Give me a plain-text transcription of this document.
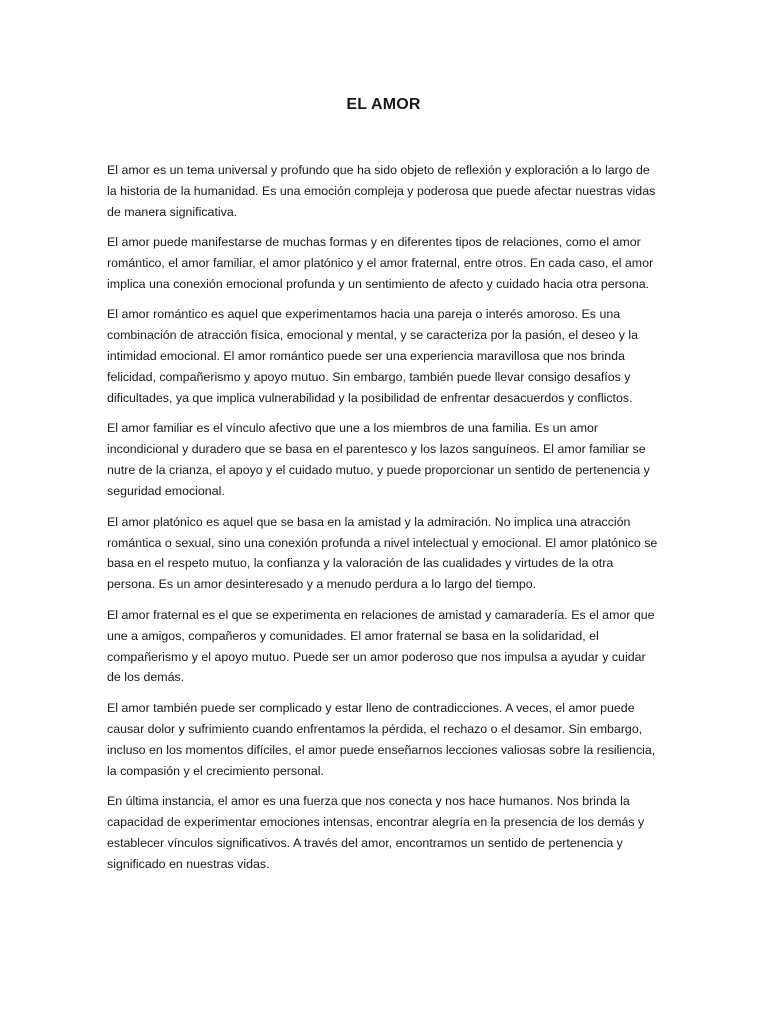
EL AMOR

El amor es un tema universal y profundo que ha sido objeto de reflexión y exploración a lo largo de la historia de la humanidad. Es una emoción compleja y poderosa que puede afectar nuestras vidas de manera significativa.

El amor puede manifestarse de muchas formas y en diferentes tipos de relaciones, como el amor romántico, el amor familiar, el amor platónico y el amor fraternal, entre otros. En cada caso, el amor implica una conexión emocional profunda y un sentimiento de afecto y cuidado hacia otra persona.

El amor romántico es aquel que experimentamos hacia una pareja o interés amoroso. Es una combinación de atracción física, emocional y mental, y se caracteriza por la pasión, el deseo y la intimidad emocional. El amor romántico puede ser una experiencia maravillosa que nos brinda felicidad, compañerismo y apoyo mutuo. Sin embargo, también puede llevar consigo desafíos y dificultades, ya que implica vulnerabilidad y la posibilidad de enfrentar desacuerdos y conflictos.

El amor familiar es el vínculo afectivo que une a los miembros de una familia. Es un amor incondicional y duradero que se basa en el parentesco y los lazos sanguíneos. El amor familiar se nutre de la crianza, el apoyo y el cuidado mutuo, y puede proporcionar un sentido de pertenencia y seguridad emocional.

El amor platónico es aquel que se basa en la amistad y la admiración. No implica una atracción romántica o sexual, sino una conexión profunda a nivel intelectual y emocional. El amor platónico se basa en el respeto mutuo, la confianza y la valoración de las cualidades y virtudes de la otra persona. Es un amor desinteresado y a menudo perdura a lo largo del tiempo.

El amor fraternal es el que se experimenta en relaciones de amistad y camaradería. Es el amor que une a amigos, compañeros y comunidades. El amor fraternal se basa en la solidaridad, el compañerismo y el apoyo mutuo. Puede ser un amor poderoso que nos impulsa a ayudar y cuidar de los demás.

El amor también puede ser complicado y estar lleno de contradicciones. A veces, el amor puede causar dolor y sufrimiento cuando enfrentamos la pérdida, el rechazo o el desamor. Sin embargo, incluso en los momentos difíciles, el amor puede enseñarnos lecciones valiosas sobre la resiliencia, la compasión y el crecimiento personal.

En última instancia, el amor es una fuerza que nos conecta y nos hace humanos. Nos brinda la capacidad de experimentar emociones intensas, encontrar alegría en la presencia de los demás y establecer vínculos significativos. A través del amor, encontramos un sentido de pertenencia y significado en nuestras vidas.
